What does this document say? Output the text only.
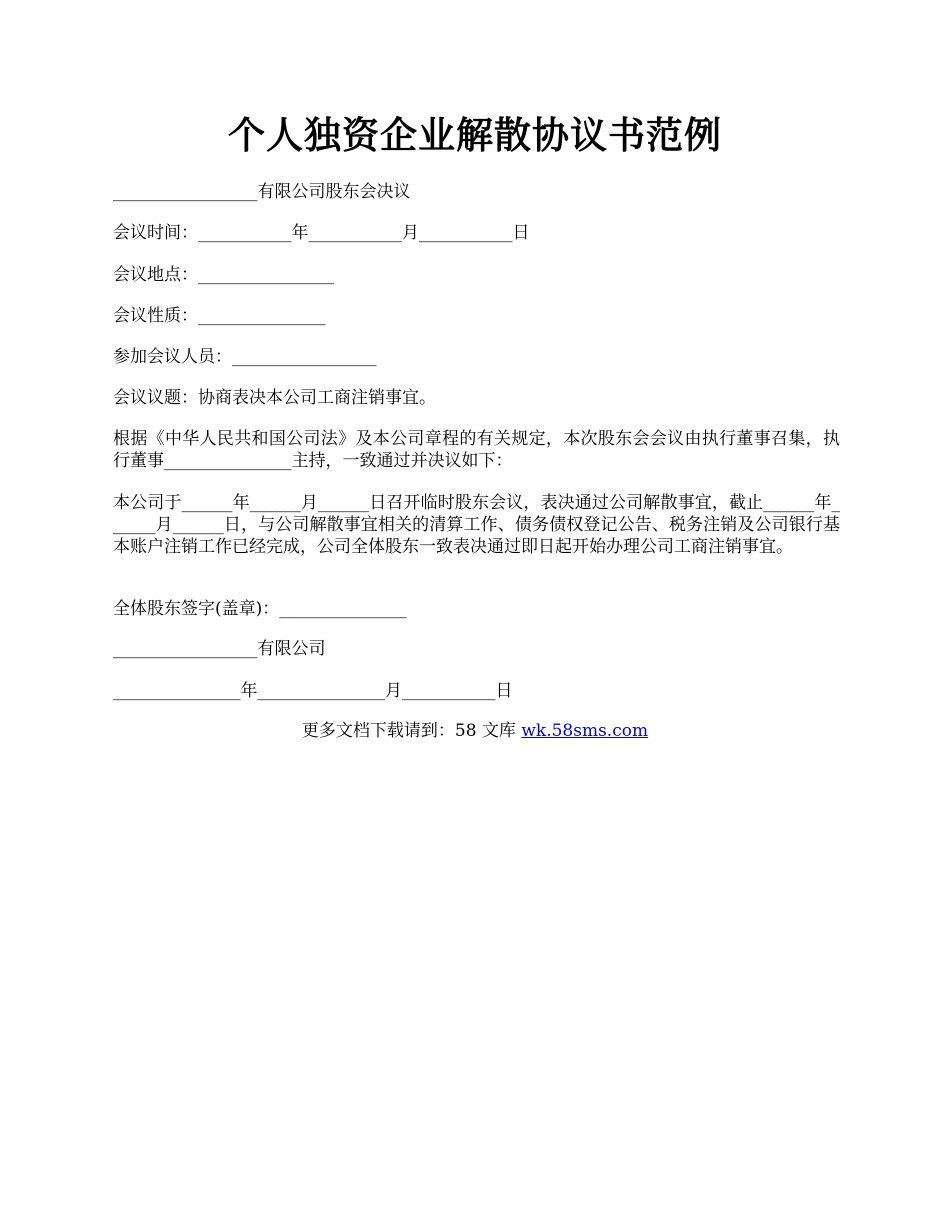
个人独资企业解散协议书范例
_________________有限公司股东会决议
会议时间：___________年___________月___________日
会议地点：________________
会议性质：_______________
参加会议人员：_________________
会议议题：协商表决本公司工商注销事宜。
根据《中华人民共和国公司法》及本公司章程的有关规定，本次股东会会议由执行董事召集，执行董事_______________主持，一致通过并决议如下：
本公司于______年______月______日召开临时股东会议，表决通过公司解散事宜，截止______年______月______日，与公司解散事宜相关的清算工作、债务债权登记公告、税务注销及公司银行基本账户注销工作已经完成，公司全体股东一致表决通过即日起开始办理公司工商注销事宜。
全体股东签字(盖章)：_______________
_________________有限公司
_______________年_______________月___________日
更多文档下载请到：58 文库 wk.58sms.com
